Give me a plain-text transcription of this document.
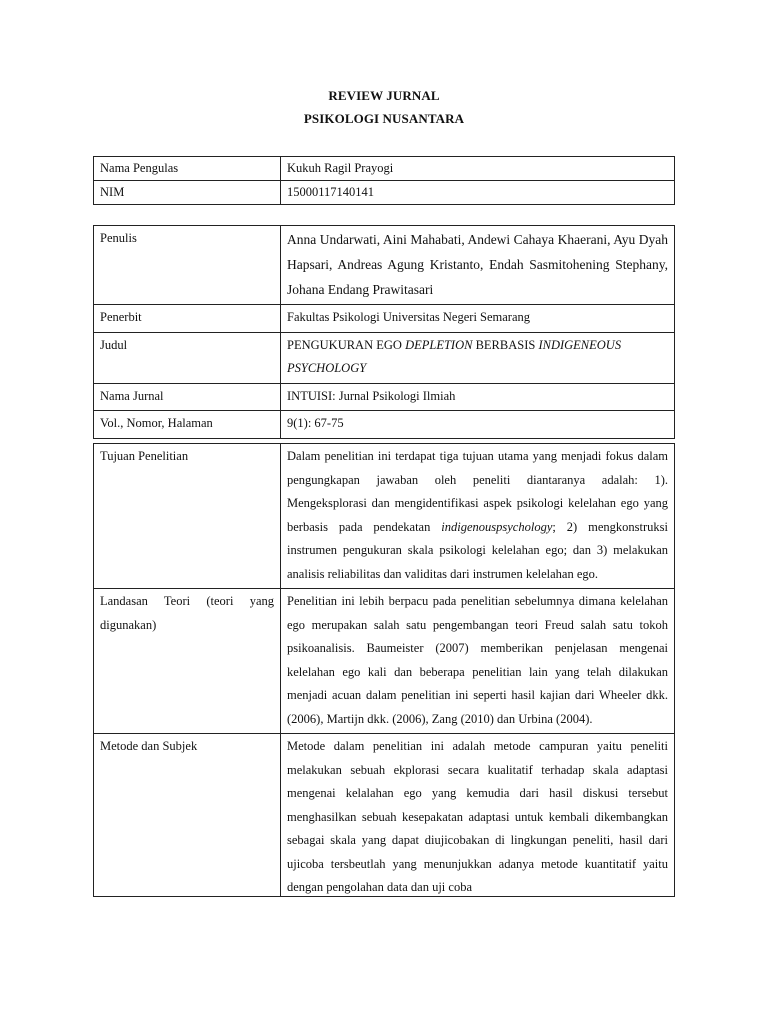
REVIEW JURNAL
PSIKOLOGI NUSANTARA
Nama Pengulas	Kukuh Ragil Prayogi
NIM	15000117140141
Penulis	Anna Undarwati, Aini Mahabati, Andewi Cahaya Khaerani, Ayu Dyah Hapsari, Andreas Agung Kristanto, Endah Sasmitohening Stephany, Johana Endang Prawitasari
Penerbit	Fakultas Psikologi Universitas Negeri Semarang
Judul	PENGUKURAN EGO DEPLETION BERBASIS INDIGENEOUS PSYCHOLOGY
Nama Jurnal	INTUISI: Jurnal Psikologi Ilmiah
Vol., Nomor, Halaman	9(1): 67-75
Tujuan Penelitian	Dalam penelitian ini terdapat tiga tujuan utama yang menjadi fokus dalam pengungkapan jawaban oleh peneliti diantaranya adalah: 1). Mengeksplorasi dan mengidentifikasi aspek psikologi kelelahan ego yang berbasis pada pendekatan indigenouspsychology; 2) mengkonstruksi instrumen pengukuran skala psikologi kelelahan ego; dan 3) melakukan analisis reliabilitas dan validitas dari instrumen kelelahan ego.
Landasan Teori (teori yang digunakan)	Penelitian ini lebih berpacu pada penelitian sebelumnya dimana kelelahan ego merupakan salah satu pengembangan teori Freud salah satu tokoh psikoanalisis. Baumeister (2007) memberikan penjelasan mengenai kelelahan ego kali dan beberapa penelitian lain yang telah dilakukan menjadi acuan dalam penelitian ini seperti hasil kajian dari Wheeler dkk. (2006), Martijn dkk. (2006), Zang (2010) dan Urbina (2004).
Metode dan Subjek	Metode dalam penelitian ini adalah metode campuran yaitu peneliti melakukan sebuah ekplorasi secara kualitatif terhadap skala adaptasi mengenai kelalahan ego yang kemudia dari hasil diskusi tersebut menghasilkan sebuah kesepakatan adaptasi untuk kembali dikembangkan sebagai skala yang dapat diujicobakan di lingkungan peneliti, hasil dari ujicoba tersbeutlah yang menunjukkan adanya metode kuantitatif yaitu dengan pengolahan data dan uji coba
